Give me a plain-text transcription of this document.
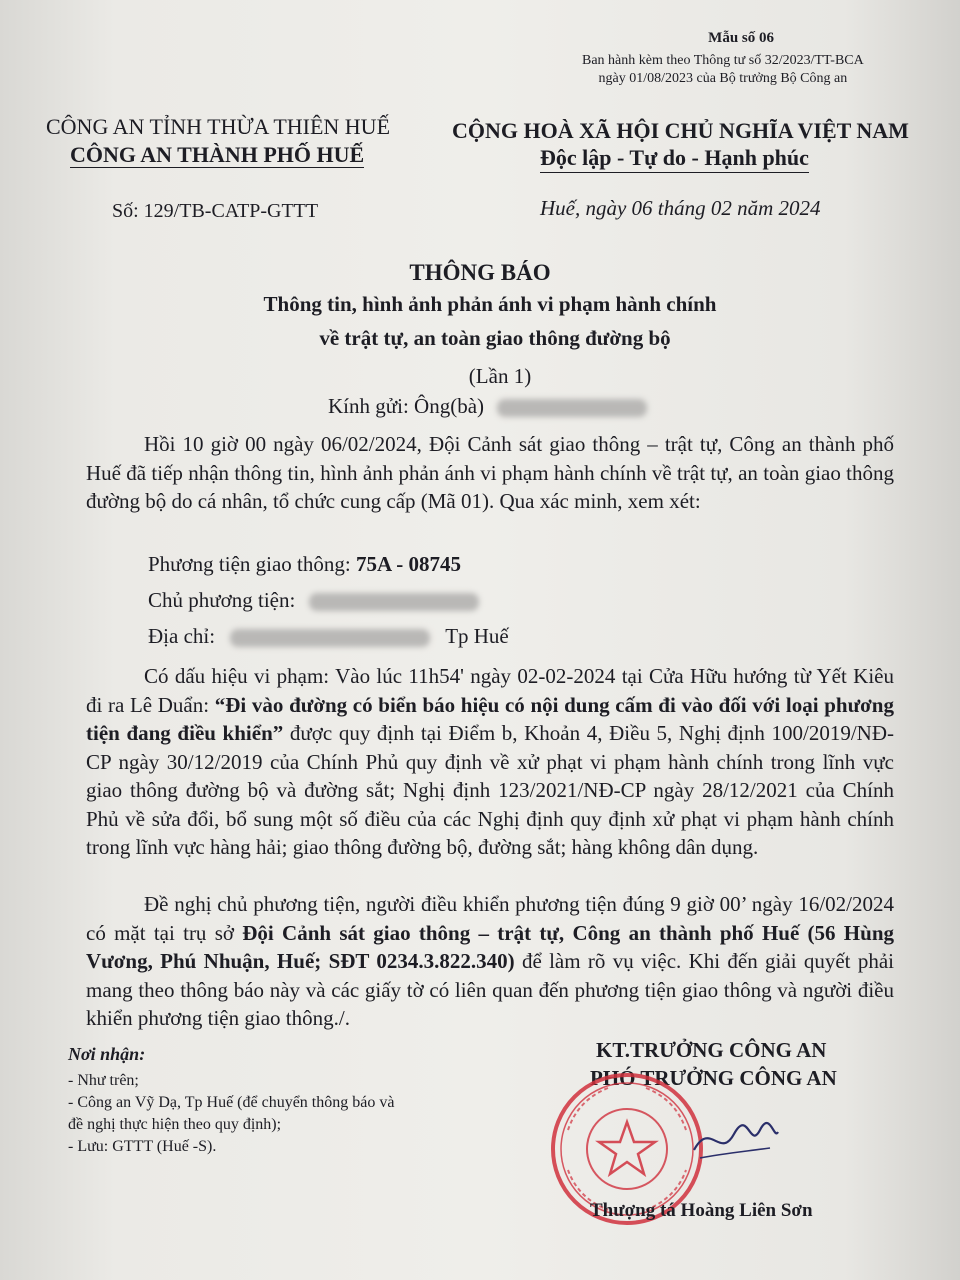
Mẫu số 06
Ban hành kèm theo Thông tư số 32/2023/TT-BCA
ngày 01/08/2023 của Bộ trưởng Bộ Công an
CÔNG AN TỈNH THỪA THIÊN HUẾ
CÔNG AN THÀNH PHỐ HUẾ
Số: 129/TB-CATP-GTTT
CỘNG HOÀ XÃ HỘI CHỦ NGHĨA VIỆT NAM
Độc lập - Tự do - Hạnh phúc
Huế, ngày 06 tháng 02 năm 2024
THÔNG BÁO
Thông tin, hình ảnh phản ánh vi phạm hành chính
về trật tự, an toàn giao thông đường bộ
(Lần 1)
Kính gửi: Ông(bà)
Hồi 10 giờ 00 ngày 06/02/2024, Đội Cảnh sát giao thông – trật tự, Công an thành phố Huế đã tiếp nhận thông tin, hình ảnh phản ánh vi phạm hành chính về trật tự, an toàn giao thông đường bộ do cá nhân, tổ chức cung cấp (Mã 01). Qua xác minh, xem xét:
Phương tiện giao thông: 75A - 08745
Chủ phương tiện:
Địa chỉ:	Tp Huế
Có dấu hiệu vi phạm: Vào lúc 11h54' ngày 02-02-2024 tại Cửa Hữu hướng từ Yết Kiêu đi ra Lê Duẩn: “Đi vào đường có biển báo hiệu có nội dung cấm đi vào đối với loại phương tiện đang điều khiển” được quy định tại Điểm b, Khoản 4, Điều 5, Nghị định 100/2019/NĐ-CP ngày 30/12/2019 của Chính Phủ quy định về xử phạt vi phạm hành chính trong lĩnh vực giao thông đường bộ và đường sắt; Nghị định 123/2021/NĐ-CP ngày 28/12/2021 của Chính Phủ về sửa đổi, bổ sung một số điều của các Nghị định quy định xử phạt vi phạm hành chính trong lĩnh vực hàng hải; giao thông đường bộ, đường sắt; hàng không dân dụng.
Đề nghị chủ phương tiện, người điều khiển phương tiện đúng 9 giờ 00’ ngày 16/02/2024 có mặt tại trụ sở Đội Cảnh sát giao thông – trật tự, Công an thành phố Huế (56 Hùng Vương, Phú Nhuận, Huế; SĐT 0234.3.822.340) để làm rõ vụ việc. Khi đến giải quyết phải mang theo thông báo này và các giấy tờ có liên quan đến phương tiện giao thông và người điều khiển phương tiện giao thông./.
Nơi nhận:
- Như trên;
- Công an Vỹ Dạ, Tp Huế (để chuyển thông báo và
đề nghị thực hiện theo quy định);
- Lưu: GTTT (Huế -S).
KT.TRƯỞNG CÔNG AN
PHÓ TRƯỞNG CÔNG AN
Thượng tá Hoàng Liên Sơn
